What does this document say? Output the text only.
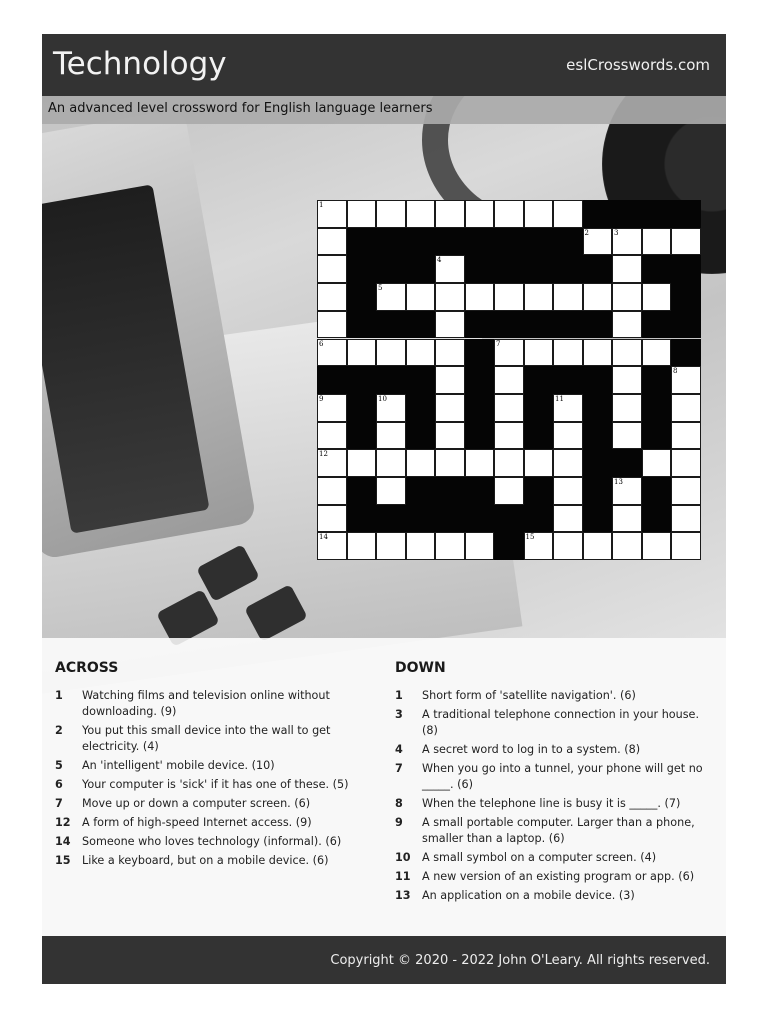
Technology	eslCrosswords.com
An advanced level crossword for English language learners
1
2	3
4
5
6	7
8
9	10	11
12
13
14	15
ACROSS
1	Watching films and television online without downloading. (9)
2	You put this small device into the wall to get electricity. (4)
5	An 'intelligent' mobile device. (10)
6	Your computer is 'sick' if it has one of these. (5)
7	Move up or down a computer screen. (6)
12	A form of high-speed Internet access. (9)
14	Someone who loves technology (informal). (6)
15	Like a keyboard, but on a mobile device. (6)
DOWN
1	Short form of 'satellite navigation'. (6)
3	A traditional telephone connection in your house. (8)
4	A secret word to log in to a system. (8)
7	When you go into a tunnel, your phone will get no _____. (6)
8	When the telephone line is busy it is _____. (7)
9	A small portable computer. Larger than a phone, smaller than a laptop. (6)
10	A small symbol on a computer screen. (4)
11	A new version of an existing program or app. (6)
13	An application on a mobile device. (3)
Copyright © 2020 - 2022 John O'Leary. All rights reserved.
